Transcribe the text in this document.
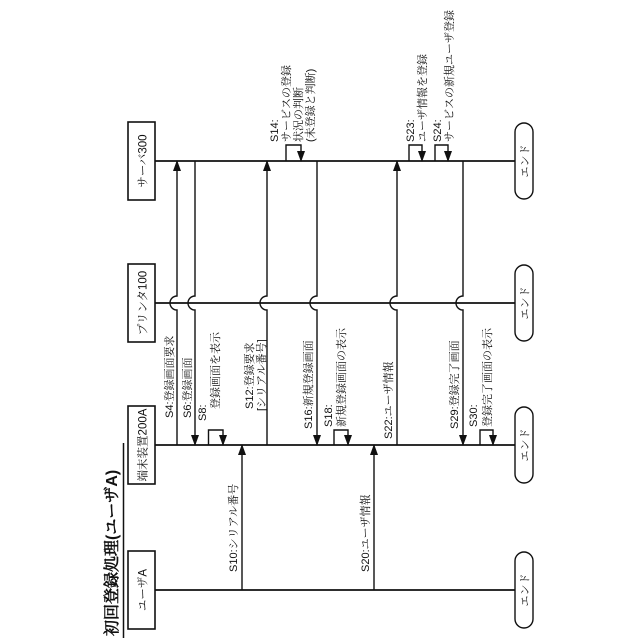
初回登録処理(ユーザA) ユーザA
端末装置200A
プリンタ100
サーバ300
エンド
エンド
エンド
エンド
S4:登録画面要求 S6:登録画面 S8:
登録画面を表示
S10:シリアル番号
S12:登録要求 [シリアル番号]
S14: サービスの登録 状況の判断 (未登録と判断)
S16:新規登録画面 S18: 新規登録画面の表示
S20:ユーザ情報
S22:ユーザ情報
S23: ユーザ情報を登録 S24: サービスの新規ユーザ登録
S29:登録完了画面 S30: 登録完了画面の表示
